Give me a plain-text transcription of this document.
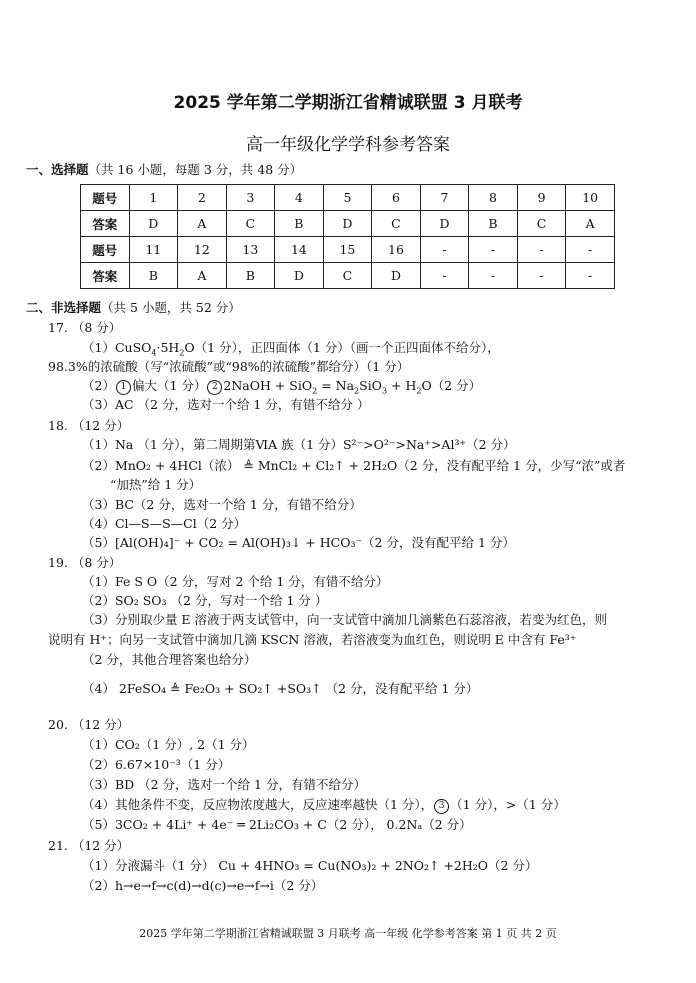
2025 学年第二学期浙江省精诚联盟 3 月联考
高一年级化学学科参考答案
一、选择题（共 16 小题，每题 3 分，共 48 分）
题号	1	2	3	4	5	6	7	8	9	10
答案	D	A	C	B	D	C	D	B	C	A
题号	11	12	13	14	15	16	-	-	-	-
答案	B	A	B	D	C	D	-	-	-	-
二、非选择题（共 5 小题，共 52 分）
17. （8 分）
$(1)CuSO_4\cdot 5H_2O(1$ 分），正四面体（1 分）（画一个正四面体不给分），
98.3%的浓硫酸（写“浓硫酸”或“98%的浓硫酸”都给分）（1 分）
（2） 1 偏大（1 分） 2 2NaOH + $SiO_2 = Na_2SiO_3 + H_2O(2$ 分）
（3）AC （2 分，选对一个给 1 分，有错不给分 ）
18. （12 分）
（1）Na （1 分），第二周期第ⅥA 族（1 分）S²⁻>O²⁻>Na⁺>Al³⁺（2 分）
（2）MnO₂ + 4HCl（浓） ≜ MnCl₂ + Cl₂↑ + 2H₂O（2 分，没有配平给 1 分，少写“浓”或者
“加热”给 1 分）
（3）BC（2 分，选对一个给 1 分，有错不给分）
（4）Cl—S—S—Cl（2 分）
（5）[Al(OH)₄]⁻ + CO₂ = Al(OH)₃↓ + HCO₃⁻（2 分，没有配平给 1 分）
19. （8 分）
（1）Fe S O（2 分，写对 2 个给 1 分，有错不给分）
（2）SO₂ SO₃ （2 分，写对一个给 1 分 ）
（3）分别取少量 E 溶液于两支试管中，向一支试管中滴加几滴紫色石蕊溶液，若变为红色，则
说明有 H⁺；向另一支试管中滴加几滴 KSCN 溶液，若溶液变为血红色，则说明 E 中含有 Fe³⁺
（2 分，其他合理答案也给分）
（4） 2FeSO₄ ≜ Fe₂O₃ + SO₂↑ +SO₃↑ （2 分，没有配平给 1 分）
20. （12 分）
（1）CO₂（1 分）, 2（1 分）
（2）6.67×10⁻³（1 分）
（3）BD （2 分，选对一个给 1 分，有错不给分）
（4）其他条件不变，反应物浓度越大，反应速率越快（1 分）， 3 （1 分），>（1 分）
（5）3CO₂ + 4Li⁺ + 4e⁻ ═ 2Li₂CO₃ + C（2 分）， 0.2Nₐ（2 分）
21. （12 分）
（1）分液漏斗（1 分） Cu + 4HNO₃ = Cu(NO₃)₂ + 2NO₂↑ +2H₂O（2 分）
（2）h→e→f→c(d)→d(c)→e→f→i（2 分）
2025 学年第二学期浙江省精诚联盟 3 月联考 高一年级 化学参考答案 第 1 页 共 2 页
